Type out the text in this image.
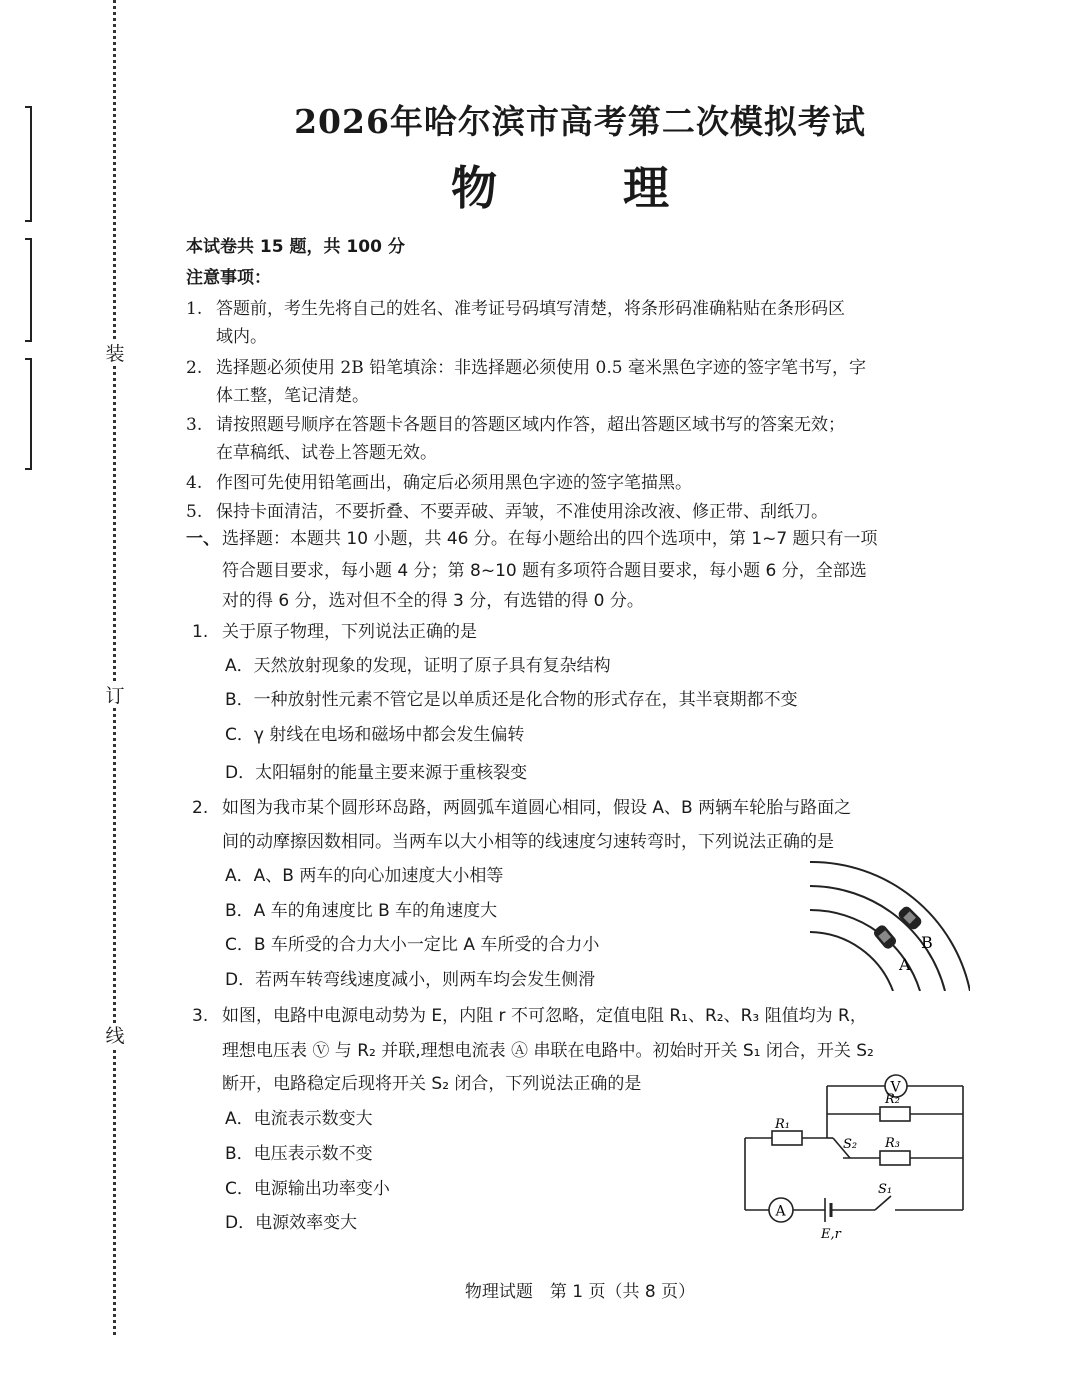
装
订
线
2026年哈尔滨市高考第二次模拟考试
物　理
本试卷共 15 题，共 100 分
注意事项：
1. 答题前，考生先将自己的姓名、准考证号码填写清楚，将条形码准确粘贴在条形码区
域内。
2. 选择题必须使用 2B 铅笔填涂：非选择题必须使用 0.5 毫米黑色字迹的签字笔书写，字
体工整，笔记清楚。
3. 请按照题号顺序在答题卡各题目的答题区域内作答，超出答题区域书写的答案无效；
在草稿纸、试卷上答题无效。
4. 作图可先使用铅笔画出，确定后必须用黑色字迹的签字笔描黑。
5. 保持卡面清洁，不要折叠、不要弄破、弄皱，不准使用涂改液、修正带、刮纸刀。
一、 选择题：本题共 10 小题，共 46 分。在每小题给出的四个选项中，第 1~7 题只有一项
符合题目要求，每小题 4 分；第 8~10 题有多项符合题目要求，每小题 6 分，全部选
对的得 6 分，选对但不全的得 3 分，有选错的得 0 分。
1. 关于原子物理，下列说法正确的是
A．天然放射现象的发现，证明了原子具有复杂结构
B．一种放射性元素不管它是以单质还是化合物的形式存在，其半衰期都不变
C．γ 射线在电场和磁场中都会发生偏转
D．太阳辐射的能量主要来源于重核裂变
2. 如图为我市某个圆形环岛路，两圆弧车道圆心相同，假设 A、B 两辆车轮胎与路面之
间的动摩擦因数相同。当两车以大小相等的线速度匀速转弯时，下列说法正确的是
A．A、B 两车的向心加速度大小相等
B．A 车的角速度比 B 车的角速度大
C．B 车所受的合力大小一定比 A 车所受的合力小
D．若两车转弯线速度减小，则两车均会发生侧滑
B
A
3. 如图，电路中电源电动势为 E，内阻 r 不可忽略，定值电阻 R₁、R₂、R₃ 阻值均为 R，
理想电压表 Ⓥ 与 R₂ 并联,理想电流表 Ⓐ 串联在电路中。初始时开关 S₁ 闭合，开关 S₂
断开，电路稳定后现将开关 S₂ 闭合，下列说法正确的是
A．电流表示数变大
B．电压表示数不变
C．电源输出功率变小
D．电源效率变大
V
A
R₁
R₂
R₃
S₂
S₁
E,r
物理试题　第 1 页（共 8 页）
